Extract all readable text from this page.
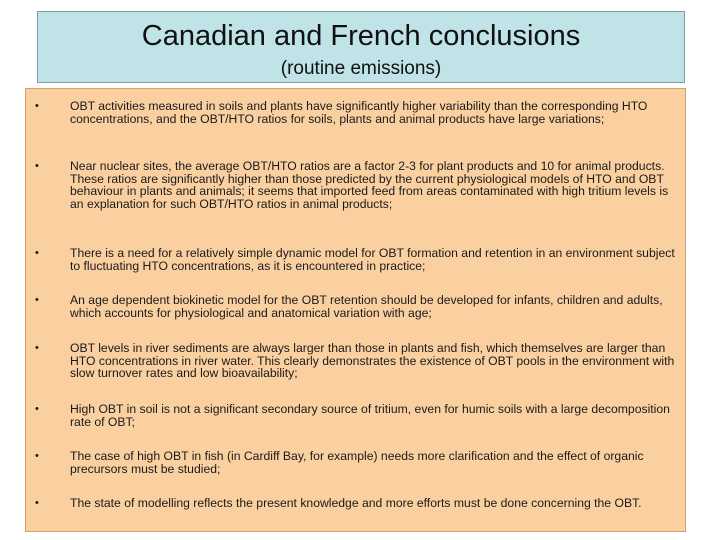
Canadian and French conclusions
(routine emissions)
•	OBT activities measured in soils and plants have significantly higher variability than the corresponding HTO concentrations, and the OBT/HTO ratios for soils, plants and animal products have large variations;
•	Near nuclear sites, the average OBT/HTO ratios are a factor 2-3 for plant products and 10 for animal products. These ratios are significantly higher than those predicted by the current physiological models of HTO and OBT behaviour in plants and animals; it seems that imported feed from areas contaminated with high tritium levels is an explanation for such OBT/HTO ratios in animal products;
•	There is a need for a relatively simple dynamic model for OBT formation and retention in an environment subject to fluctuating HTO concentrations, as it is encountered in practice;
•	An age dependent biokinetic model for the OBT retention should be developed for infants, children and adults, which accounts for physiological and anatomical variation with age;
•	OBT levels in river sediments are always larger than those in plants and fish, which themselves are larger than HTO concentrations in river water. This clearly demonstrates the existence of OBT pools in the environment with slow turnover rates and low bioavailability;
•	High OBT in soil is not a significant secondary source of tritium, even for humic soils with a large decomposition rate of OBT;
•	The case of high OBT in fish (in Cardiff Bay, for example) needs more clarification and the effect of organic precursors must be studied;
•	The state of modelling reflects the present knowledge and more efforts must be done concerning the OBT.
